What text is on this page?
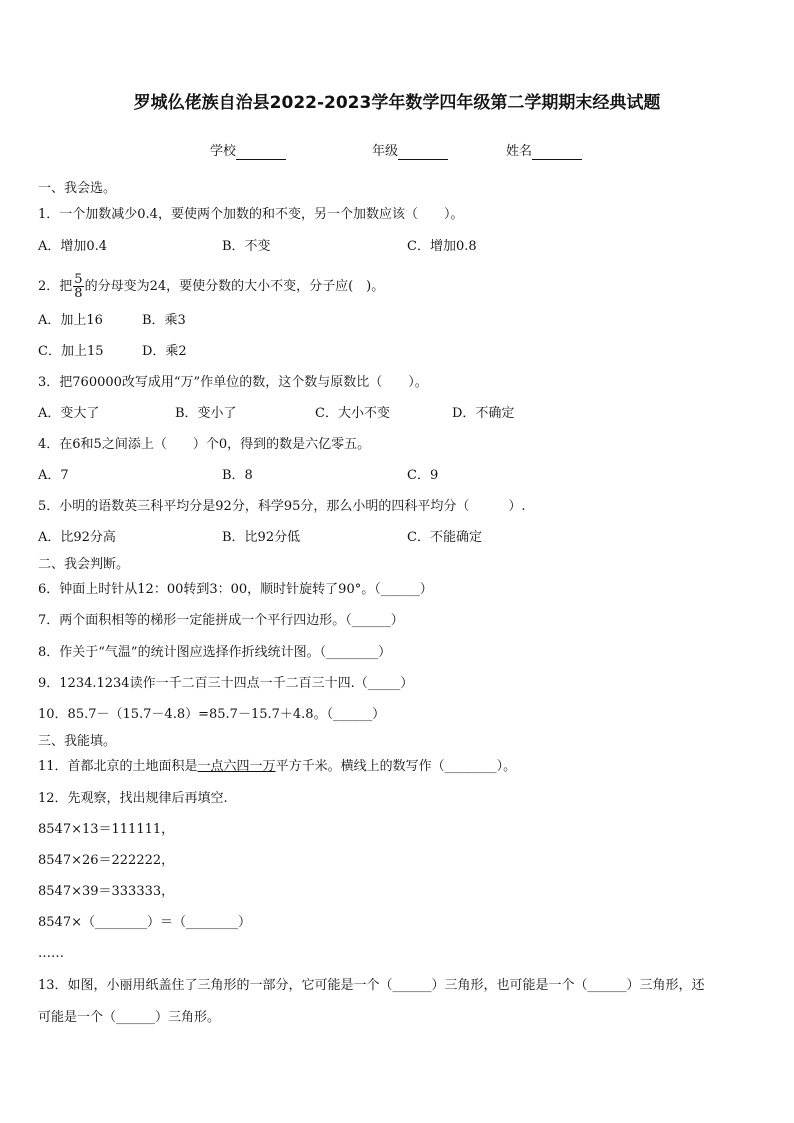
罗城仫佬族自治县2022-2023学年数学四年级第二学期期末经典试题
学校	年级	姓名
一、我会选。
1．一个加数减少0.4，要使两个加数的和不变，另一个加数应该（　　）。
A．增加0.4	B．不变	C．增加0.8
2．把 $\frac{5}{8}$ 的分母变为24，要使分数的大小不变，分子应(　)。
A．加上16	B．乘3
C．加上15	D．乘2
3．把760000改写成用“万”作单位的数，这个数与原数比（　　）。
A．变大了	B．变小了	C．大小不变	D．不确定
4．在6和5之间添上（　　）个0，得到的数是六亿零五。
A．7	B．8	C．9
5．小明的语数英三科平均分是92分，科学95分，那么小明的四科平均分（　　　）.
A．比92分高	B．比92分低	C．不能确定
二、我会判断。
6．钟面上时针从12：00转到3：00，顺时针旋转了90°。（______）
7．两个面积相等的梯形一定能拼成一个平行四边形。（______）
8．作关于“气温”的统计图应选择作折线统计图。（________）
9．1234.1234读作一千二百三十四点一千二百三十四.（_____）
10．85.7－（15.7－4.8）=85.7－15.7＋4.8。（______）
三、我能填。
11．首都北京的土地面积是一点六四一万平方千米。横线上的数写作（________）。
12．先观察，找出规律后再填空.
8547×13＝111111，
8547×26＝222222，
8547×39＝333333，
8547×（________）＝（________）
……
13．如图，小丽用纸盖住了三角形的一部分，它可能是一个（______）三角形，也可能是一个（______）三角形，还
可能是一个（______）三角形。
